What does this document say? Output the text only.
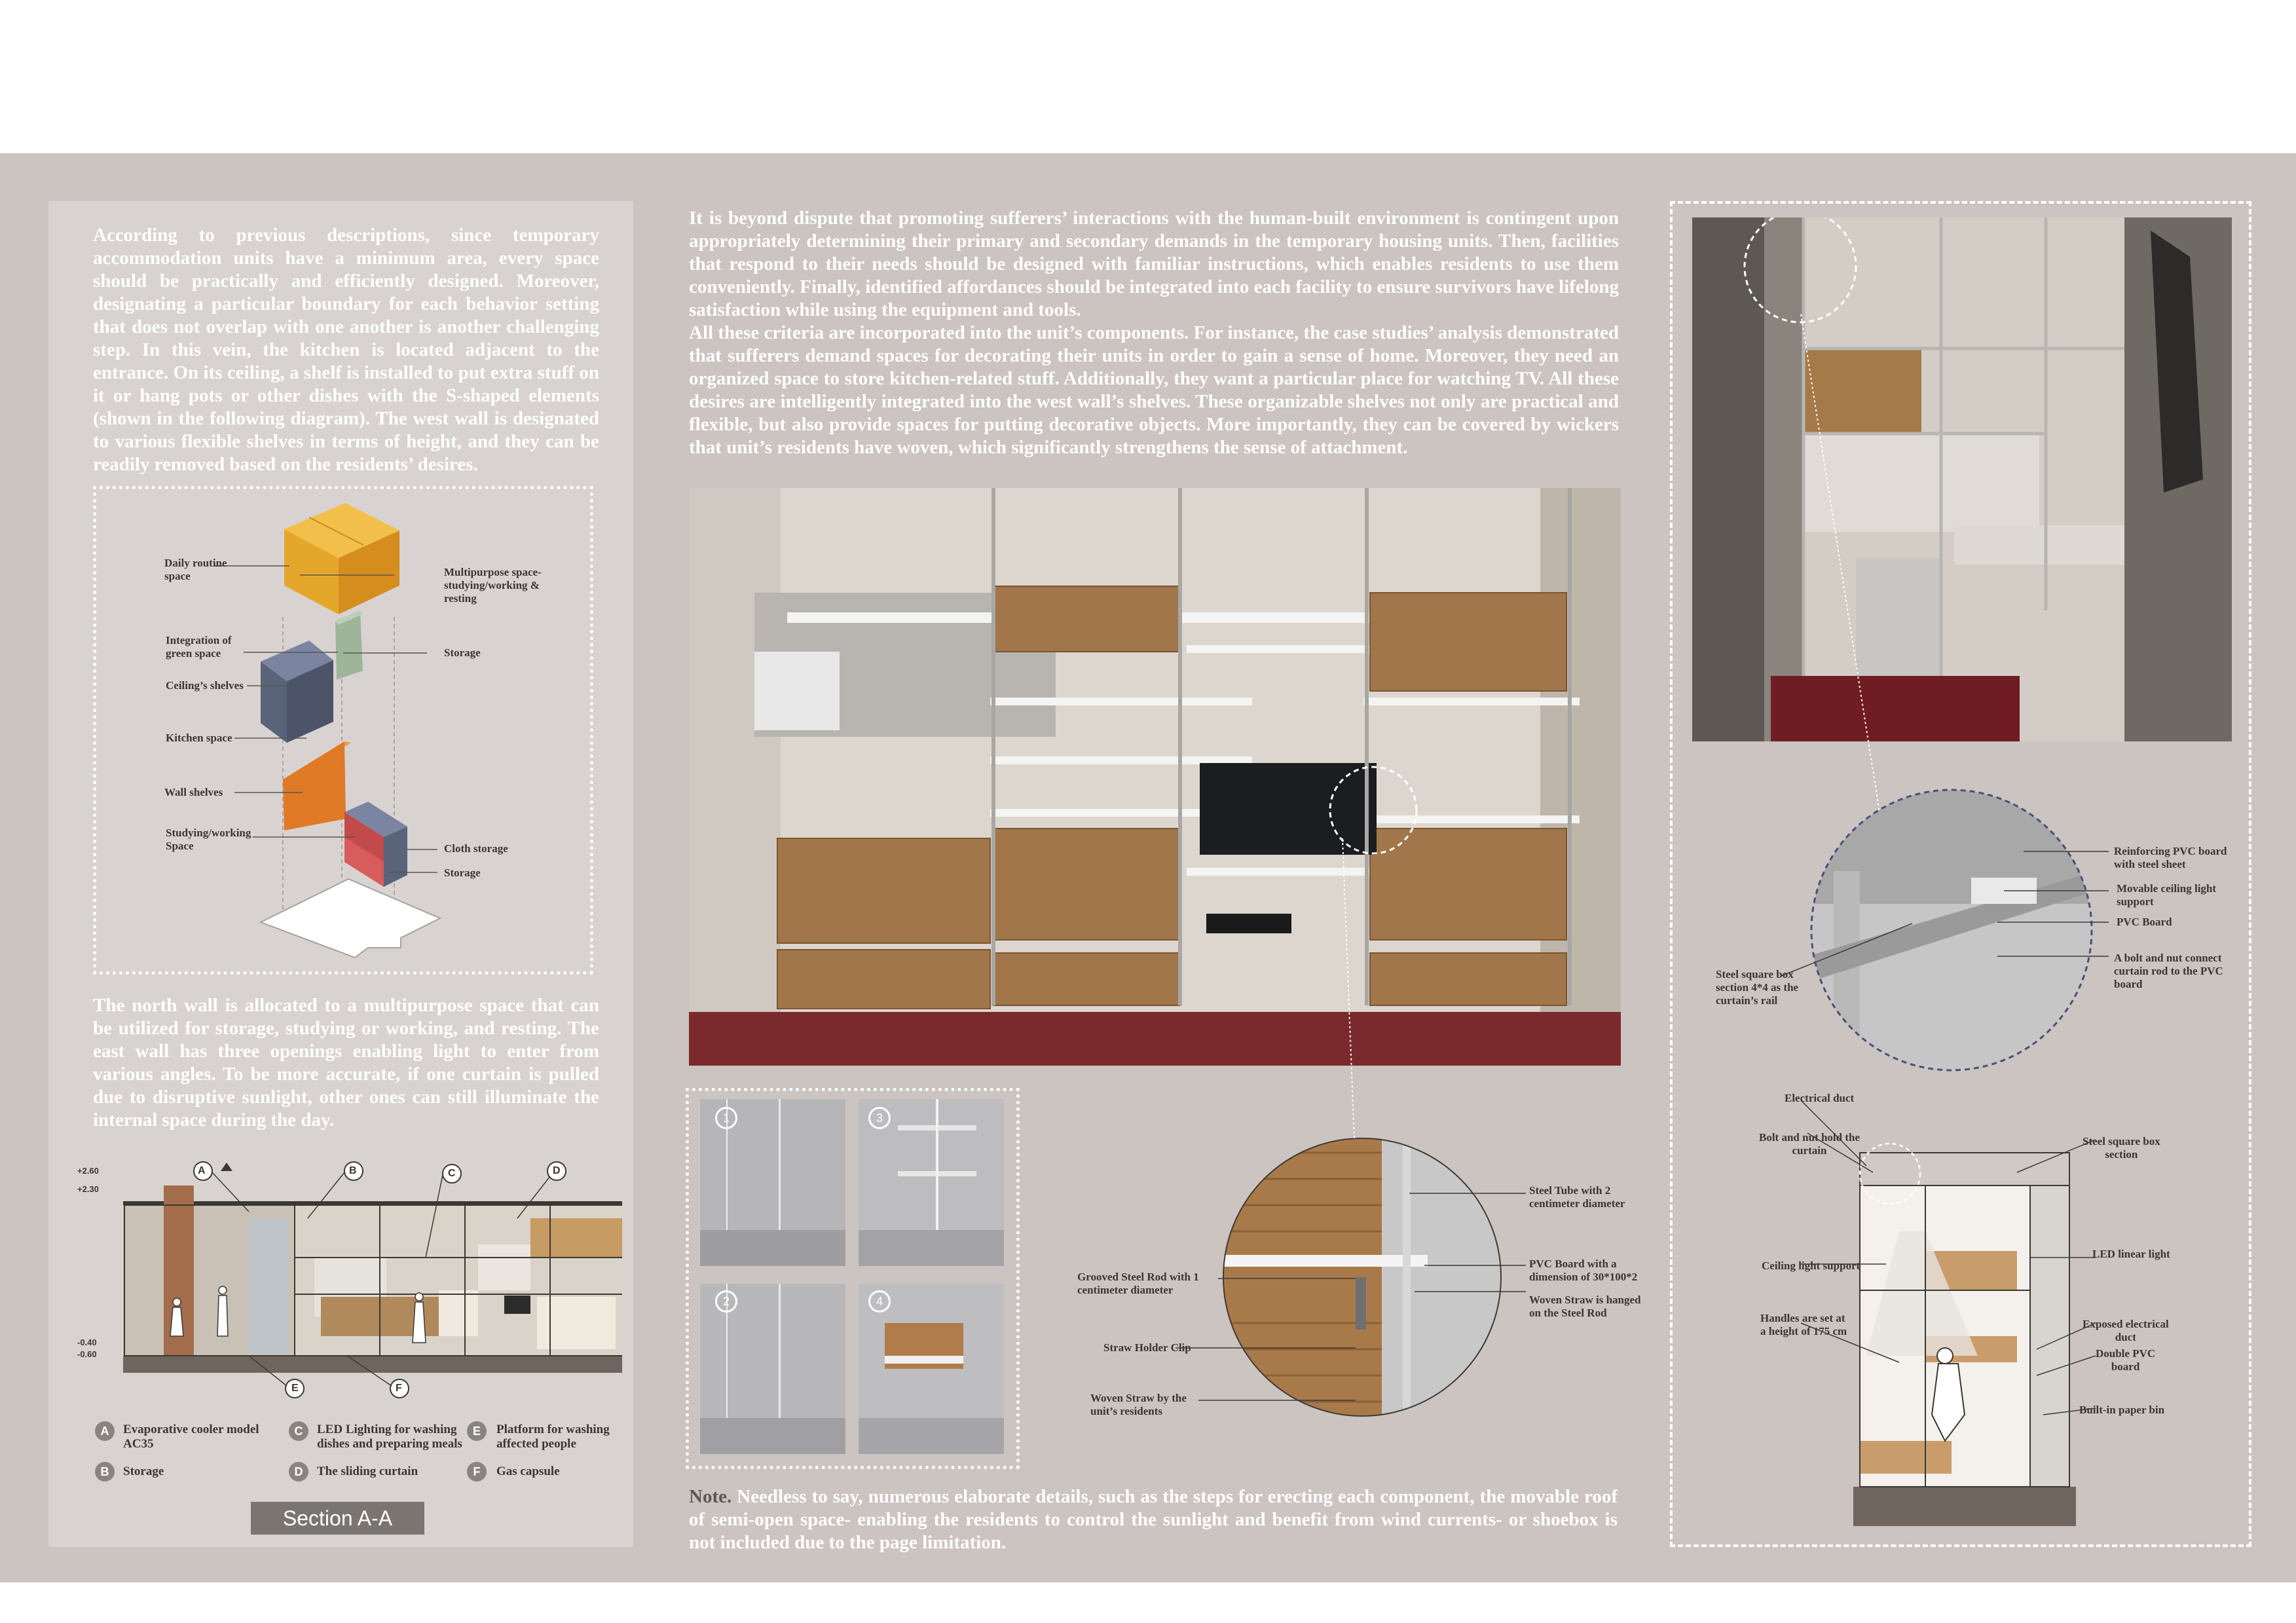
According to previous descriptions, since temporary accommodation units have a minimum area, every space should be practically and efficiently designed. Moreover, designating a particular boundary for each behavior setting that does not overlap with one another is another challenging step. In this vein, the kitchen is located adjacent to the entrance. On its ceiling, a shelf is installed to put extra stuff on it or hang pots or other dishes with the S-shaped elements (shown in the following diagram). The west wall is designated to various flexible shelves in terms of height, and they can be readily removed based on the residents’ desires.

Daily routine
space
Integration of
green space
Ceiling’s shelves
Kitchen space
Wall shelves
Studying/working
Space
Multipurpose space-
studying/working &
resting
Storage
Cloth storage
Storage

The north wall is allocated to a multipurpose space that can be utilized for storage, studying or working, and resting. The east wall has three openings enabling light to enter from various angles. To be more accurate, if one curtain is pulled due to disruptive sunlight, other ones can still illuminate the internal space during the day.

A	B	C	D
E	F
+2.60
+2.30
-0.40
-0.60
A	Evaporative cooler model
AC35
B	Storage
C	LED Lighting for washing
dishes and preparing meals
D	The sliding curtain
E	Platform for washing
affected people
F	Gas capsule
Section A-A

It is beyond dispute that promoting sufferers’ interactions with the human-built environment is contingent upon appropriately determining their primary and secondary demands in the temporary housing units. Then, facilities that respond to their needs should be designed with familiar instructions, which enables residents to use them conveniently. Finally, identified affordances should be integrated into each facility to ensure survivors have lifelong satisfaction while using the equipment and tools.
All these criteria are incorporated into the unit’s components. For instance, the case studies’ analysis demonstrated that sufferers demand spaces for decorating their units in order to gain a sense of home. Moreover, they need an organized space to store kitchen-related stuff. Additionally, they want a particular place for watching TV. All these desires are intelligently integrated into the west wall’s shelves. These organizable shelves not only are practical and flexible, but also provide spaces for putting decorative objects. More importantly, they can be covered by wickers that unit’s residents have woven, which significantly strengthens the sense of attachment.

1	3
2	4
Steel Tube with 2
centimeter diameter
Grooved Steel Rod with 1
centimeter diameter
PVC Board with a
dimension of 30*100*2
Woven Straw is hanged
on the Steel Rod
Straw Holder Clip
Woven Straw by the
unit’s residents
Note. Needless to say, numerous elaborate details, such as the steps for erecting each component, the movable roof of semi-open space- enabling the residents to control the sunlight and benefit from wind currents- or shoebox is not included due to the page limitation.
Reinforcing PVC board
with steel sheet
Movable ceiling light
support
PVC Board
A bolt and nut connect
curtain rod to the PVC
board
Steel square box
section 4*4 as the
curtain’s rail
Electrical duct
Bolt and nut hold the
curtain
Steel square box
section
Ceiling light support
LED linear light
Handles are set at
a height of 175 cm
Exposed electrical
duct
Double PVC
board
Built-in paper bin
